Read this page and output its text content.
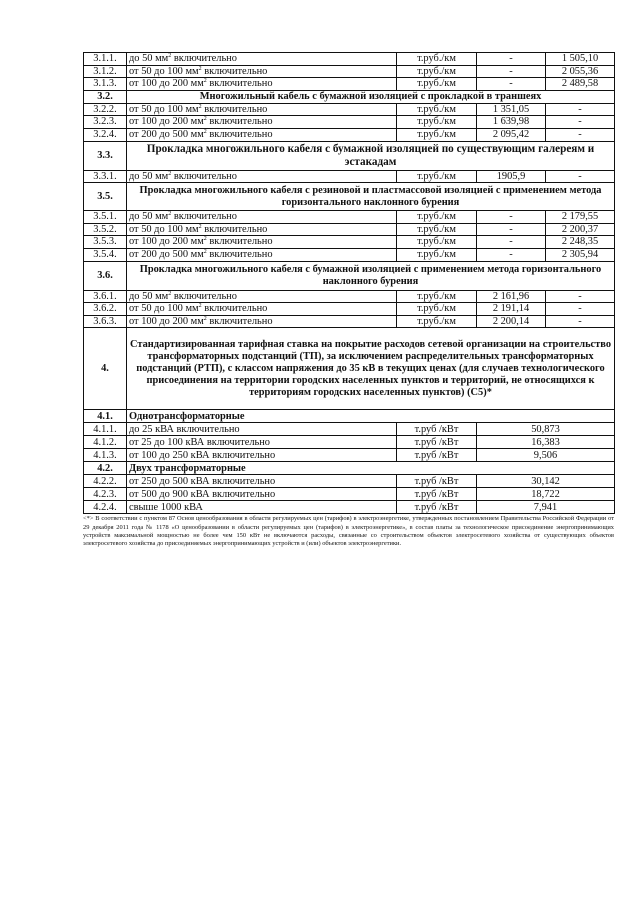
3.1.1.	до 50 $мм^2$ включительно	т.руб./км	-	1 505,10
3.1.2.	от 50 до 100 $мм^2$ включительно	т.руб./км	-	2 055,36
3.1.3.	от 100 до 200 $мм^2$ включительно	т.руб./км	-	2 489,58
3.2.	Многожильный кабель с бумажной изоляцией с прокладкой в траншеях			
3.2.2.	от 50 до 100 $мм^2$ включительно	т.руб./км	1 351,05	-
3.2.3.	от 100 до 200 $мм^2$ включительно	т.руб./км	1 639,98	-
3.2.4.	от 200 до 500 $мм^2$ включительно	т.руб./км	2 095,42	-
3.3.	Прокладка многожильного кабеля с бумажной изоляцией по существующим галереям и эстакадам			
3.3.1.	до 50 $мм^2$ включительно	т.руб./км	1905,9	-
3.5.	Прокладка многожильного кабеля с резиновой и пластмассовой изоляцией с применением метода горизонтального наклонного бурения			
3.5.1.	до 50 $мм^2$ включительно	т.руб./км	-	2 179,55
3.5.2.	от 50 до 100 $мм^2$ включительно	т.руб./км	-	2 200,37
3.5.3.	от 100 до 200 $мм^2$ включительно	т.руб./км	-	2 248,35
3.5.4.	от 200 до 500 $мм^2$ включительно	т.руб./км	-	2 305,94
3.6.	Прокладка многожильного кабеля с бумажной изоляцией с применением метода горизонтального наклонного бурения			
3.6.1.	до 50 $мм^2$ включительно	т.руб./км	2 161,96	-
3.6.2.	от 50 до 100 $мм^2$ включительно	т.руб./км	2 191,14	-
3.6.3.	от 100 до 200 $мм^2$ включительно	т.руб./км	2 200,14	-
4.	Стандартизированная тарифная ставка на покрытие расходов сетевой организации на строительство трансформаторных подстанций (ТП), за исключением распределительных трансформаторных подстанций (РТП), с классом напряжения до 35 кВ в текущих ценах (для случаев технологического присоединения на территории городских населенных пунктов и территорий, не относящихся к территориям городских населенных пунктов) (С5)*			
4.1.	Однотрансформаторные			
4.1.1.	до 25 кВА включительно	т.руб /кВт	50,873	
4.1.2.	от 25 до 100 кВА включительно	т.руб /кВт	16,383	
4.1.3.	от 100 до 250 кВА включительно	т.руб /кВт	9,506	
4.2.	Двух трансформаторные			
4.2.2.	от 250 до 500 кВА включительно	т.руб /кВт	30,142	
4.2.3.	от 500 до 900 кВА включительно	т.руб /кВт	18,722	
4.2.4.	свыше 1000 кВА	т.руб /кВт	7,941	
<*> В соответствии с пунктом 87 Основ ценообразования в области регулируемых цен (тарифов) в электроэнергетике, утвержденных постановлением Правительства Российской Федерации от 29 декабря 2011 года № 1178 «О ценообразовании в области регулируемых цен (тарифов) в электроэнергетике», в состав платы за технологическое присоединение энергопринимающих устройств максимальной мощностью не более чем 150 кВт не включаются расходы, связанные со строительством объектов электросетевого хозяйства от существующих объектов электросетевого хозяйства до присоединяемых энергопринимающих устройств и (или) объектов электроэнергетики.
